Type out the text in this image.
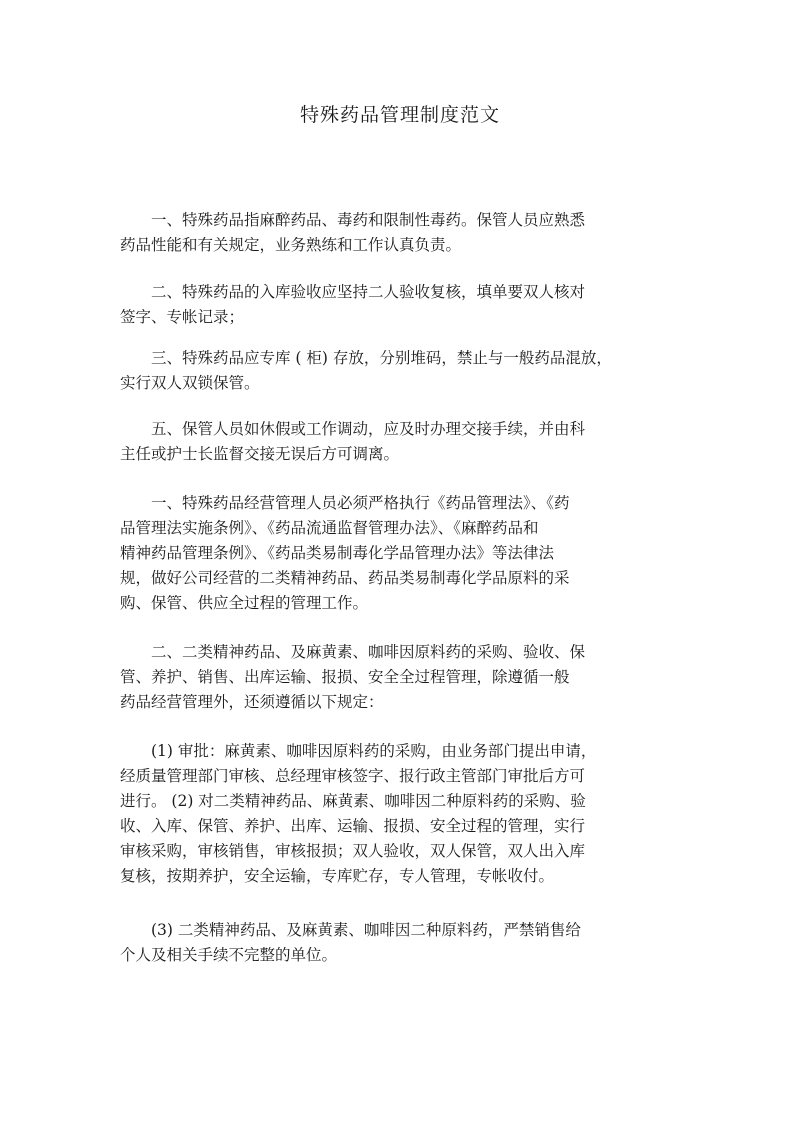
特殊药品管理制度范文
一、特殊药品指麻醉药品、毒药和限制性毒药。保管人员应熟悉
药品性能和有关规定，业务熟练和工作认真负责。
二、特殊药品的入库验收应坚持二人验收复核，填单要双人核对
签字、专帐记录；
三、特殊药品应专库 ( 柜) 存放，分别堆码，禁止与一般药品混放，
实行双人双锁保管。
五、保管人员如休假或工作调动，应及时办理交接手续，并由科
主任或护士长监督交接无误后方可调离。
一、特殊药品经营管理人员必须严格执行《药品管理法》、《药
品管理法实施条例》、《药品流通监督管理办法》、《麻醉药品和
精神药品管理条例》、《药品类易制毒化学品管理办法》等法律法
规，做好公司经营的二类精神药品、药品类易制毒化学品原料的采
购、保管、供应全过程的管理工作。
二、二类精神药品、及麻黄素、咖啡因原料药的采购、验收、保
管、养护、销售、出库运输、报损、安全全过程管理，除遵循一般
药品经营管理外，还须遵循以下规定：
(1) 审批：麻黄素、咖啡因原料药的采购，由业务部门提出申请，
经质量管理部门审核、总经理审核签字、报行政主管部门审批后方可
进行。 (2) 对二类精神药品、麻黄素、咖啡因二种原料药的采购、验
收、入库、保管、养护、出库、运输、报损、安全过程的管理，实行
审核采购，审核销售，审核报损；双人验收，双人保管，双人出入库
复核，按期养护，安全运输，专库贮存，专人管理，专帐收付。
(3) 二类精神药品、及麻黄素、咖啡因二种原料药，严禁销售给
个人及相关手续不完整的单位。
